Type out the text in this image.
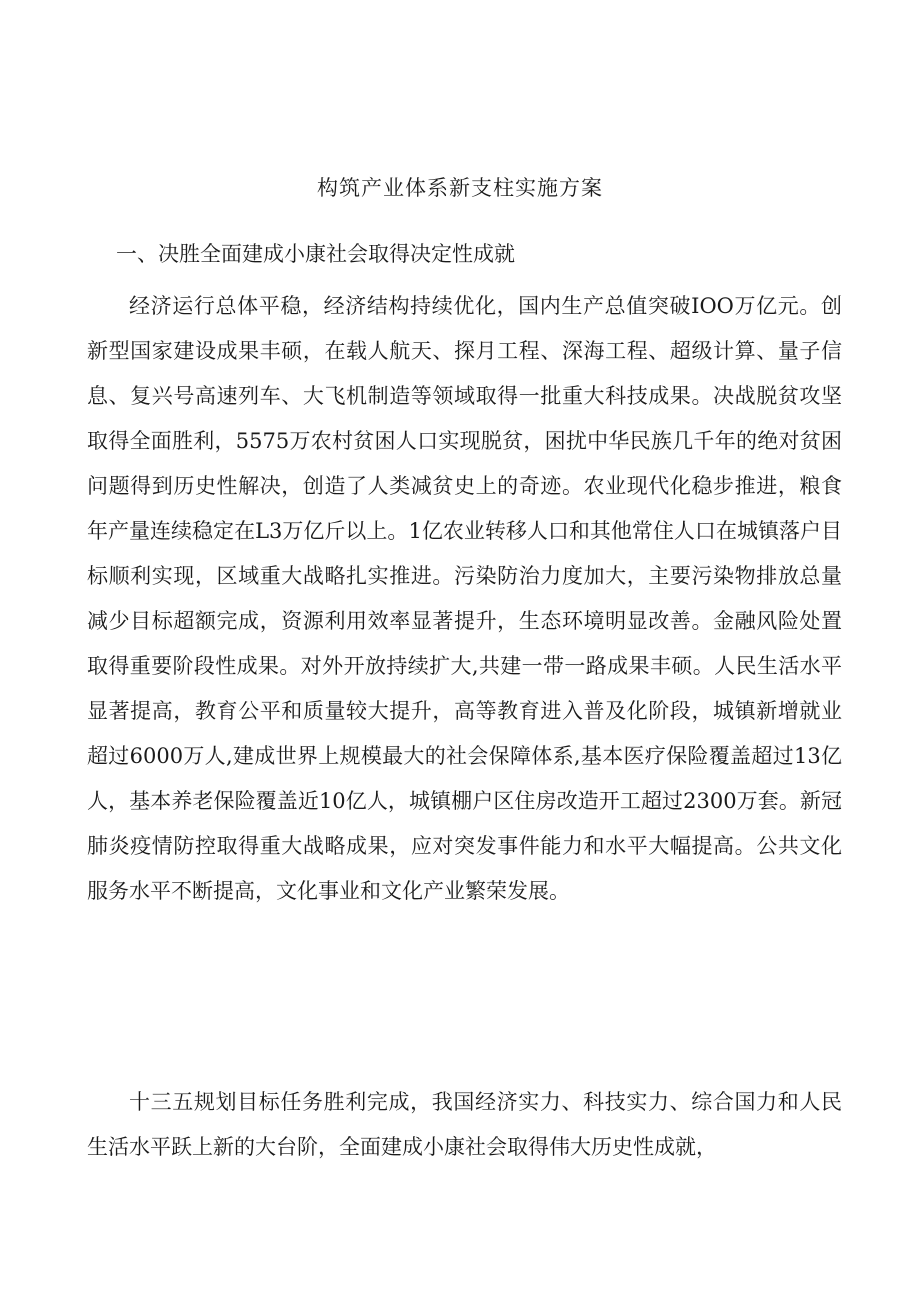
构筑产业体系新支柱实施方案
一、决胜全面建成小康社会取得决定性成就

经济运行总体平稳，经济结构持续优化，国内生产总值突破IOO万亿元。创新型国家建设成果丰硕，在载人航天、探月工程、深海工程、超级计算、量子信息、复兴号高速列车、大飞机制造等领域取得一批重大科技成果。决战脱贫攻坚取得全面胜利，5575万农村贫困人口实现脱贫，困扰中华民族几千年的绝对贫困问题得到历史性解决，创造了人类减贫史上的奇迹。农业现代化稳步推进，粮食年产量连续稳定在L3万亿斤以上。1亿农业转移人口和其他常住人口在城镇落户目标顺利实现，区域重大战略扎实推进。污染防治力度加大，主要污染物排放总量减少目标超额完成，资源利用效率显著提升，生态环境明显改善。金融风险处置取得重要阶段性成果。对外开放持续扩大,共建一带一路成果丰硕。人民生活水平显著提高，教育公平和质量较大提升，高等教育进入普及化阶段，城镇新增就业超过6000万人,建成世界上规模最大的社会保障体系,基本医疗保险覆盖超过13亿人，基本养老保险覆盖近10亿人，城镇棚户区住房改造开工超过2300万套。新冠肺炎疫情防控取得重大战略成果，应对突发事件能力和水平大幅提高。公共文化服务水平不断提高，文化事业和文化产业繁荣发展。

十三五规划目标任务胜利完成，我国经济实力、科技实力、综合国力和人民生活水平跃上新的大台阶，全面建成小康社会取得伟大历史性成就，
